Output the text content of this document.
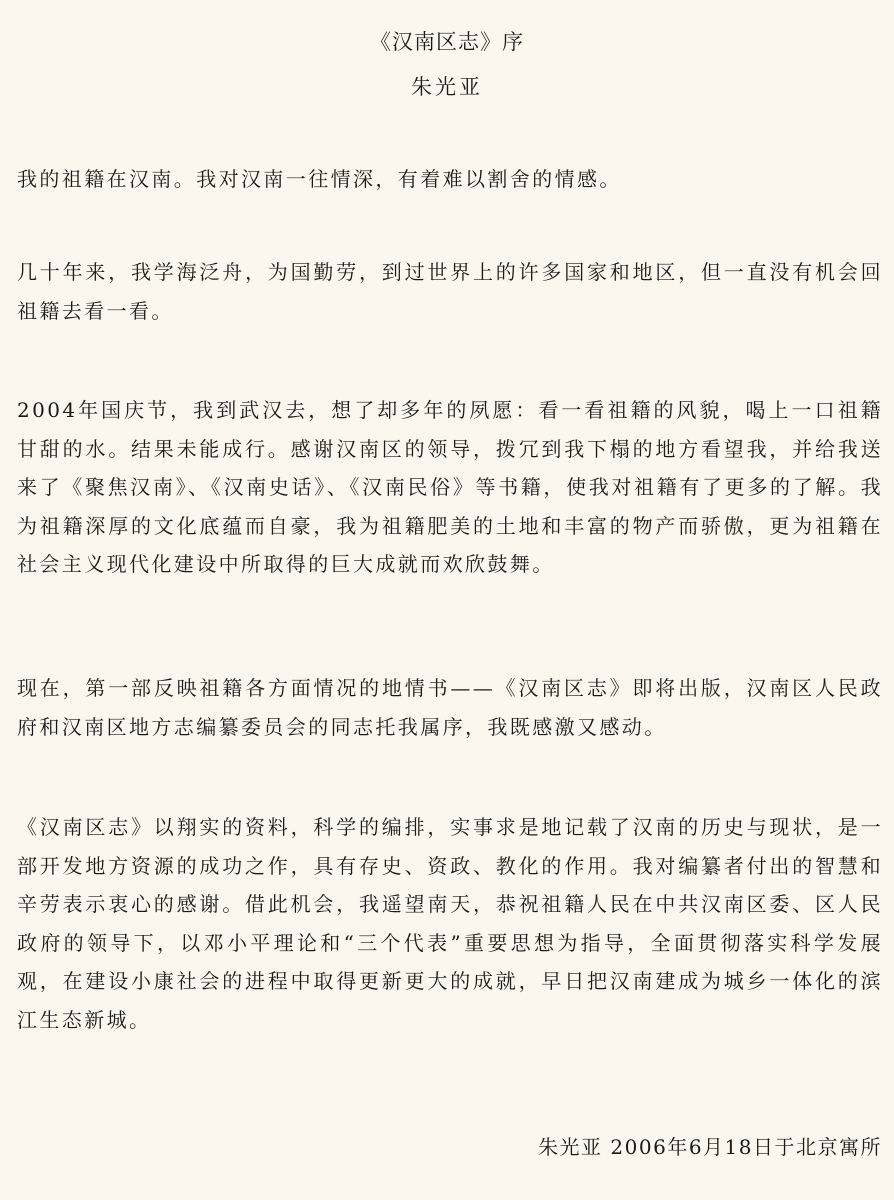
《汉南区志》序
朱光亚

我的祖籍在汉南。我对汉南一往情深，有着难以割舍的情感。

几十年来，我学海泛舟，为国勤劳，到过世界上的许多国家和地区，但一直没有机会回祖籍去看一看。

2004年国庆节，我到武汉去，想了却多年的夙愿：看一看祖籍的风貌，喝上一口祖籍甘甜的水。结果未能成行。感谢汉南区的领导，拨冗到我下榻的地方看望我，并给我送来了《聚焦汉南》、《汉南史话》、《汉南民俗》等书籍，使我对祖籍有了更多的了解。我为祖籍深厚的文化底蕴而自豪，我为祖籍肥美的土地和丰富的物产而骄傲，更为祖籍在社会主义现代化建设中所取得的巨大成就而欢欣鼓舞。

现在，第一部反映祖籍各方面情况的地情书——《汉南区志》即将出版，汉南区人民政府和汉南区地方志编纂委员会的同志托我属序，我既感激又感动。

《汉南区志》以翔实的资料，科学的编排，实事求是地记载了汉南的历史与现状，是一部开发地方资源的成功之作，具有存史、资政、教化的作用。我对编纂者付出的智慧和辛劳表示衷心的感谢。借此机会，我遥望南天，恭祝祖籍人民在中共汉南区委、区人民政府的领导下，以邓小平理论和“三个代表”重要思想为指导，全面贯彻落实科学发展观，在建设小康社会的进程中取得更新更大的成就，早日把汉南建成为城乡一体化的滨江生态新城。

朱光亚 2006年6月18日于北京寓所
